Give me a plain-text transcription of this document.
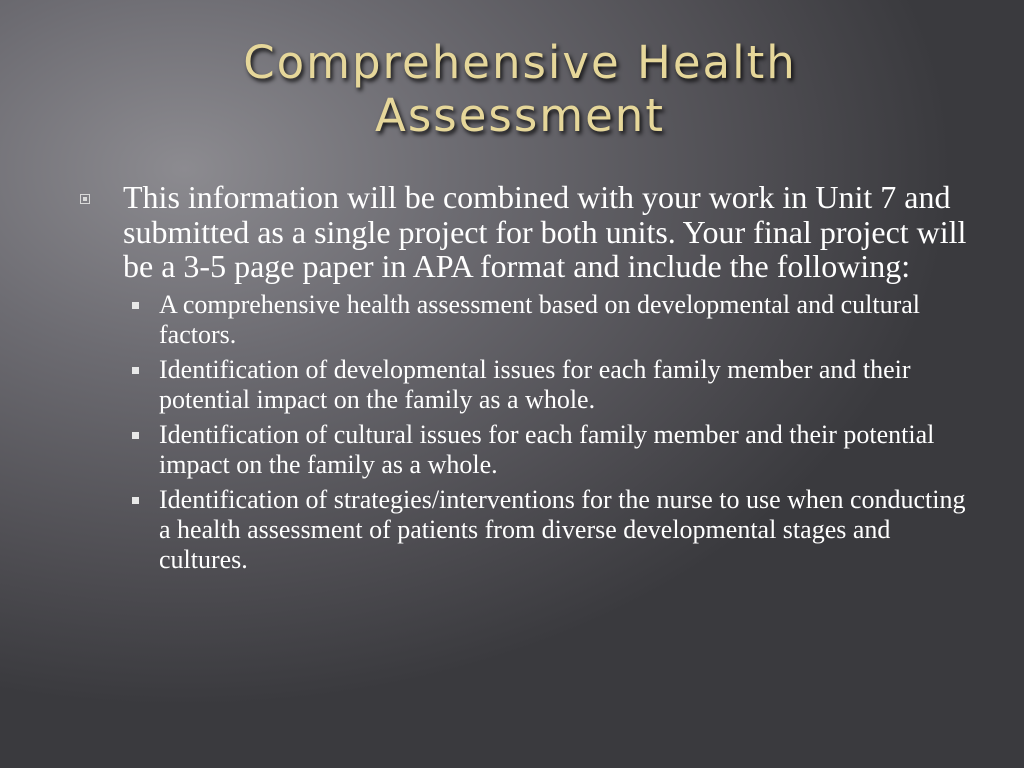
Comprehensive Health
Assessment
This information will be combined with your work in Unit 7 and submitted as a single project for both units. Your final project will be a 3-5 page paper in APA format and include the following:
A comprehensive health assessment based on developmental and cultural factors.
Identification of developmental issues for each family member and their potential impact on the family as a whole.
Identification of cultural issues for each family member and their potential impact on the family as a whole.
Identification of strategies/interventions for the nurse to use when conducting a health assessment of patients from diverse developmental stages and cultures.
